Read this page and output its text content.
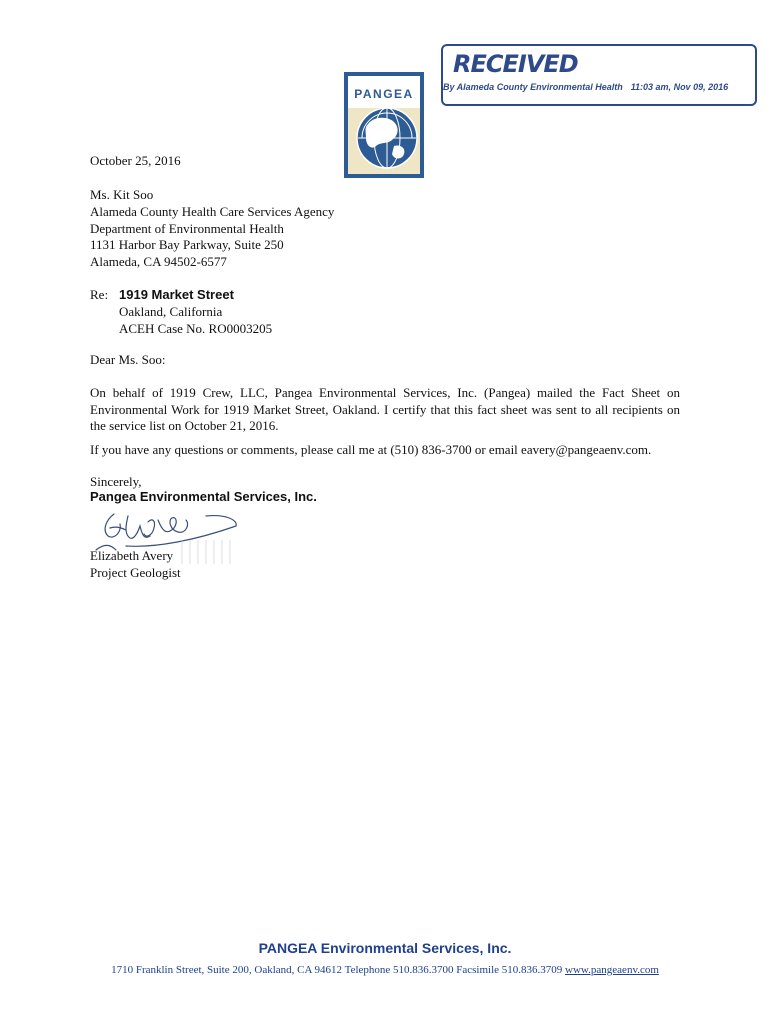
RECEIVED
By Alameda County Environmental Health 11:03 am, Nov 09, 2016
PANGEA
October 25, 2016
Ms. Kit Soo
Alameda County Health Care Services Agency
Department of Environmental Health
1131 Harbor Bay Parkway, Suite 250
Alameda, CA 94502-6577
Re: 1919 Market Street
Oakland, California
ACEH Case No. RO0003205
Dear Ms. Soo:
On behalf of 1919 Crew, LLC, Pangea Environmental Services, Inc. (Pangea) mailed the Fact Sheet on Environmental Work for 1919 Market Street, Oakland. I certify that this fact sheet was sent to all recipients on the service list on October 21, 2016.
If you have any questions or comments, please call me at (510) 836-3700 or email eavery@pangeaenv.com.
Sincerely,
Pangea Environmental Services, Inc.
Elizabeth Avery
Project Geologist
PANGEA Environmental Services, Inc.
1710 Franklin Street, Suite 200, Oakland, CA 94612 Telephone 510.836.3700 Facsimile 510.836.3709 www.pangeaenv.com
